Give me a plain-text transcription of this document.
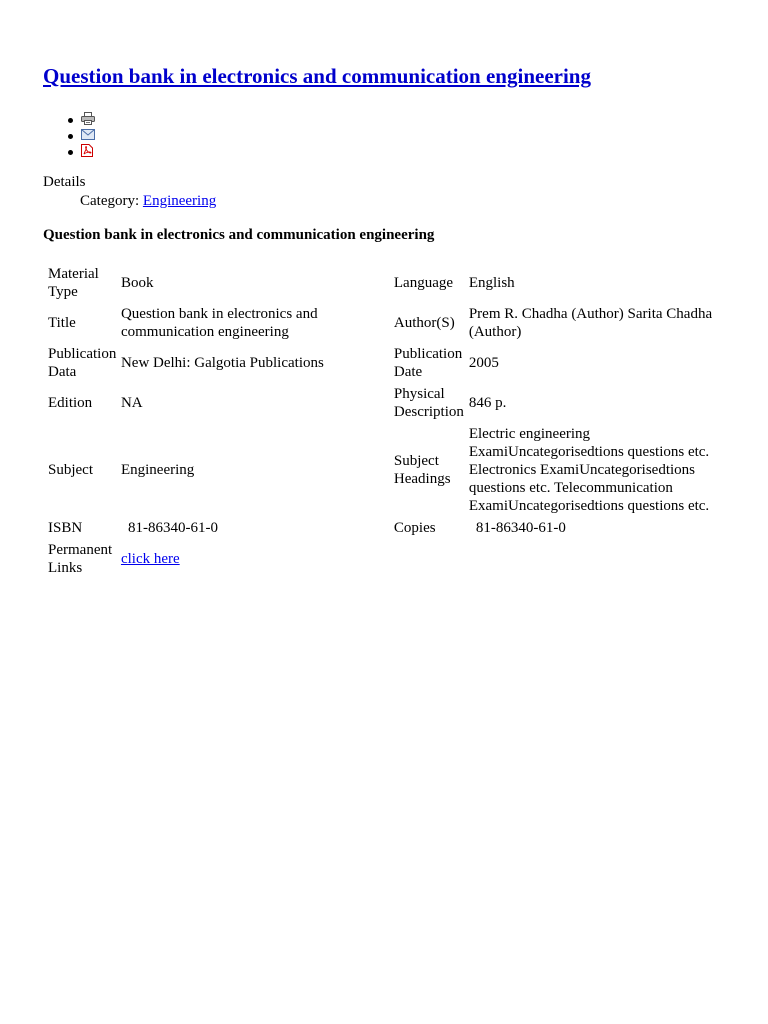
Question bank in electronics and communication engineering
Details
Category: Engineering

Question bank in electronics and communication engineering

Material Type	Book	Language	English
Title	Question bank in electronics and communication engineering	Author(S)	Prem R. Chadha (Author) Sarita Chadha (Author)
Publication Data	New Delhi: Galgotia Publications	Publication Date	2005
Edition	NA	Physical Description	846 p.
Subject	Engineering	Subject Headings	Electric engineering ExamiUncategorisedtions questions etc. Electronics ExamiUncategorisedtions questions etc. Telecommunication ExamiUncategorisedtions questions etc.
ISBN	81-86340-61-0	Copies	81-86340-61-0
Permanent Links	click here		
